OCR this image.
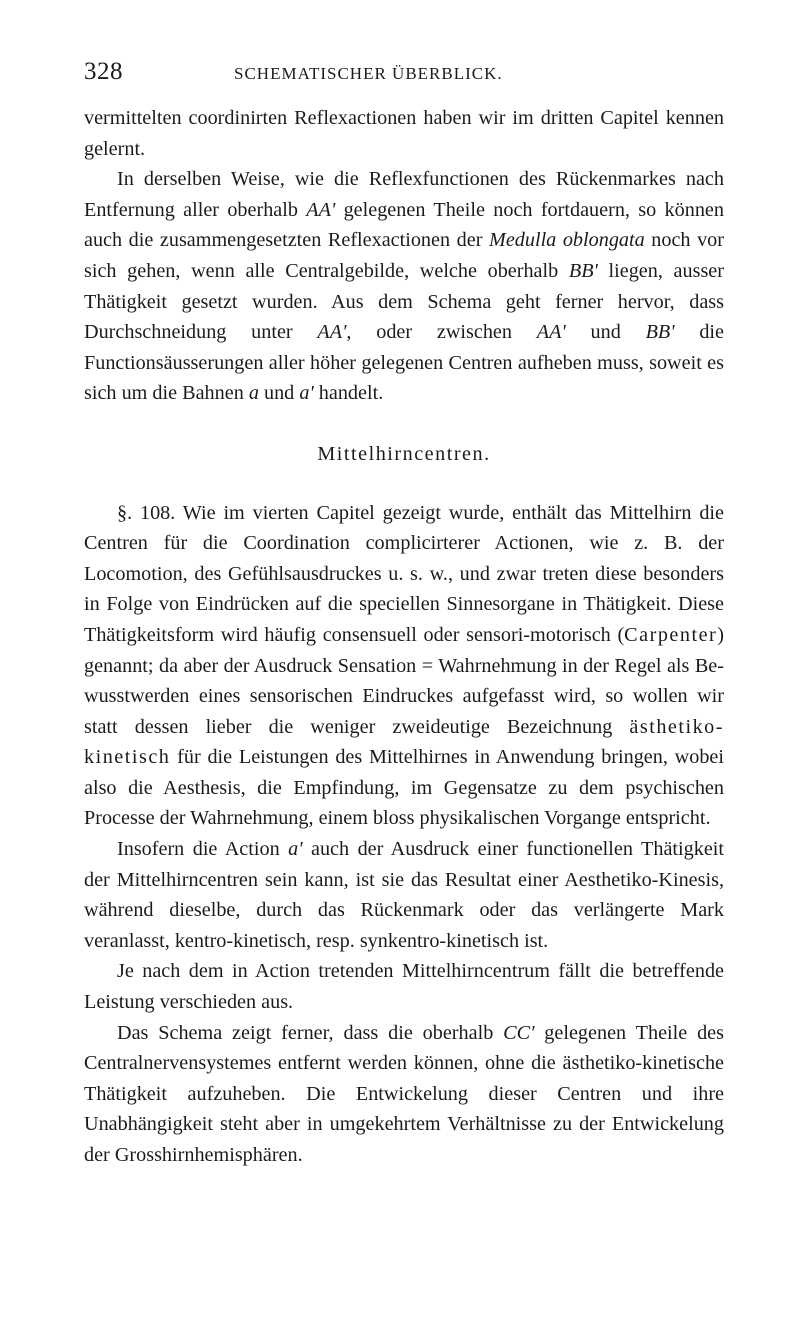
328	SCHEMATISCHER ÜBERBLICK.

vermittelten coordinirten Reflexactionen haben wir im dritten Capitel kennen gelernt.

In derselben Weise, wie die Reflexfunctionen des Rückenmarkes nach Entfernung aller oberhalb AA' gelegenen Theile noch fortdauern, so können auch die zusammengesetzten Reflexactionen der Medulla oblongata noch vor sich gehen, wenn alle Centralgebilde, welche oberhalb BB' liegen, ausser Thätigkeit gesetzt wurden. Aus dem Schema geht ferner hervor, dass Durchschneidung unter AA', oder zwischen AA' und BB' die Functionsäusserungen aller höher gelegenen Centren aufheben muss, soweit es sich um die Bahnen a und a' handelt.

Mittelhirncentren.

§. 108. Wie im vierten Capitel gezeigt wurde, enthält das Mittelhirn die Centren für die Coordination complicirterer Actionen, wie z. B. der Locomotion, des Gefühlsausdruckes u. s. w., und zwar treten diese besonders in Folge von Eindrücken auf die speciellen Sinnesorgane in Thätigkeit. Diese Thätigkeitsform wird häufig consensuell oder sensori-motorisch (Carpenter) genannt; da aber der Ausdruck Sensation = Wahrnehmung in der Regel als Bewusstwerden eines sensorischen Eindruckes aufgefasst wird, so wollen wir statt dessen lieber die weniger zweideutige Bezeichnung ästhetiko-kinetisch für die Leistungen des Mittelhirnes in Anwendung bringen, wobei also die Aesthesis, die Empfindung, im Gegensatze zu dem psychischen Processe der Wahrnehmung, einem bloss physikalischen Vorgange entspricht.

Insofern die Action a' auch der Ausdruck einer functionellen Thätigkeit der Mittelhirncentren sein kann, ist sie das Resultat einer Aesthetiko-Kinesis, während dieselbe, durch das Rückenmark oder das verlängerte Mark veranlasst, kentro-kinetisch, resp. synkentro-kinetisch ist.

Je nach dem in Action tretenden Mittelhirncentrum fällt die betreffende Leistung verschieden aus.

Das Schema zeigt ferner, dass die oberhalb CC' gelegenen Theile des Centralnervensystemes entfernt werden können, ohne die ästhetiko-kinetische Thätigkeit aufzuheben. Die Entwickelung dieser Centren und ihre Unabhängigkeit steht aber in umgekehrtem Verhältnisse zu der Entwickelung der Grosshirnhemisphären.
